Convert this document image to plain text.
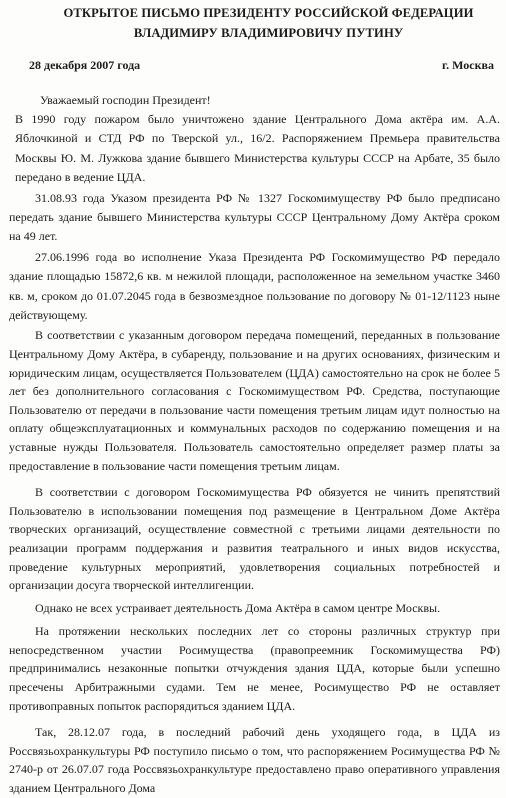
ОТКРЫТОЕ ПИСЬМО ПРЕЗИДЕНТУ РОССИЙСКОЙ ФЕДЕРАЦИИ

ВЛАДИМИРУ ВЛАДИМИРОВИЧУ ПУТИНУ

28 декабря 2007 года	г. Москва

Уважаемый господин Президент!

В 1990 году пожаром было уничтожено здание Центрального Дома актёра им. А.А. Яблочкиной и СТД РФ по Тверской ул., 16/2. Распоряжением Премьера правительства Москвы Ю. М. Лужкова здание бывшего Министерства культуры СССР на Арбате, 35 было передано в ведение ЦДА.

31.08.93 года Указом президента РФ № 1327 Госкомимуществу РФ было предписано передать здание бывшего Министерства культуры СССР Центральному Дому Актёра сроком на 49 лет.

27.06.1996 года во исполнение Указа Президента РФ Госкомимущество РФ передало здание площадью 15872,6 кв. м нежилой площади, расположенное на земельном участке 3460 кв. м, сроком до 01.07.2045 года в безвозмездное пользование по договору № 01-12/1123 ныне действующему.

В соответствии с указанным договором передача помещений, переданных в пользование Центральному Дому Актёра, в субаренду, пользование и на других основаниях, физическим и юридическим лицам, осуществляется Пользователем (ЦДА) самостоятельно на срок не более 5 лет без дополнительного согласования с Госкомимуществом РФ. Средства, поступающие Пользователю от передачи в пользование части помещения третьим лицам идут полностью на оплату общеэксплуатационных и коммунальных расходов по содержанию помещения и на уставные нужды Пользователя. Пользователь самостоятельно определяет размер платы за предоставление в пользование части помещения третьим лицам.

В соответствии с договором Госкомимущества РФ обязуется не чинить препятствий Пользователю в использовании помещения под размещение в Центральном Доме Актёра творческих организаций, осуществление совместной с третьими лицами деятельности по реализации программ поддержания и развития театрального и иных видов искусства, проведение культурных мероприятий, удовлетворения социальных потребностей и организации досуга творческой интеллигенции.

Однако не всех устраивает деятельность Дома Актёра в самом центре Москвы.

На протяжении нескольких последних лет со стороны различных структур при непосредственном участии Росимущества (правопреемник Госкомимущества РФ) предпринимались незаконные попытки отчуждения здания ЦДА, которые были успешно пресечены Арбитражными судами. Тем не менее, Росимущество РФ не оставляет противоправных попыток распорядиться зданием ЦДА.

Так, 28.12.07 года, в последний рабочий день уходящего года, в ЦДА из Россвязьохранкультуры РФ поступило письмо о том, что распоряжением Росимущества РФ № 2740-р от 26.07.07 года Россвязьохранкультуре предоставлено право оперативного управления зданием Центрального Дома
